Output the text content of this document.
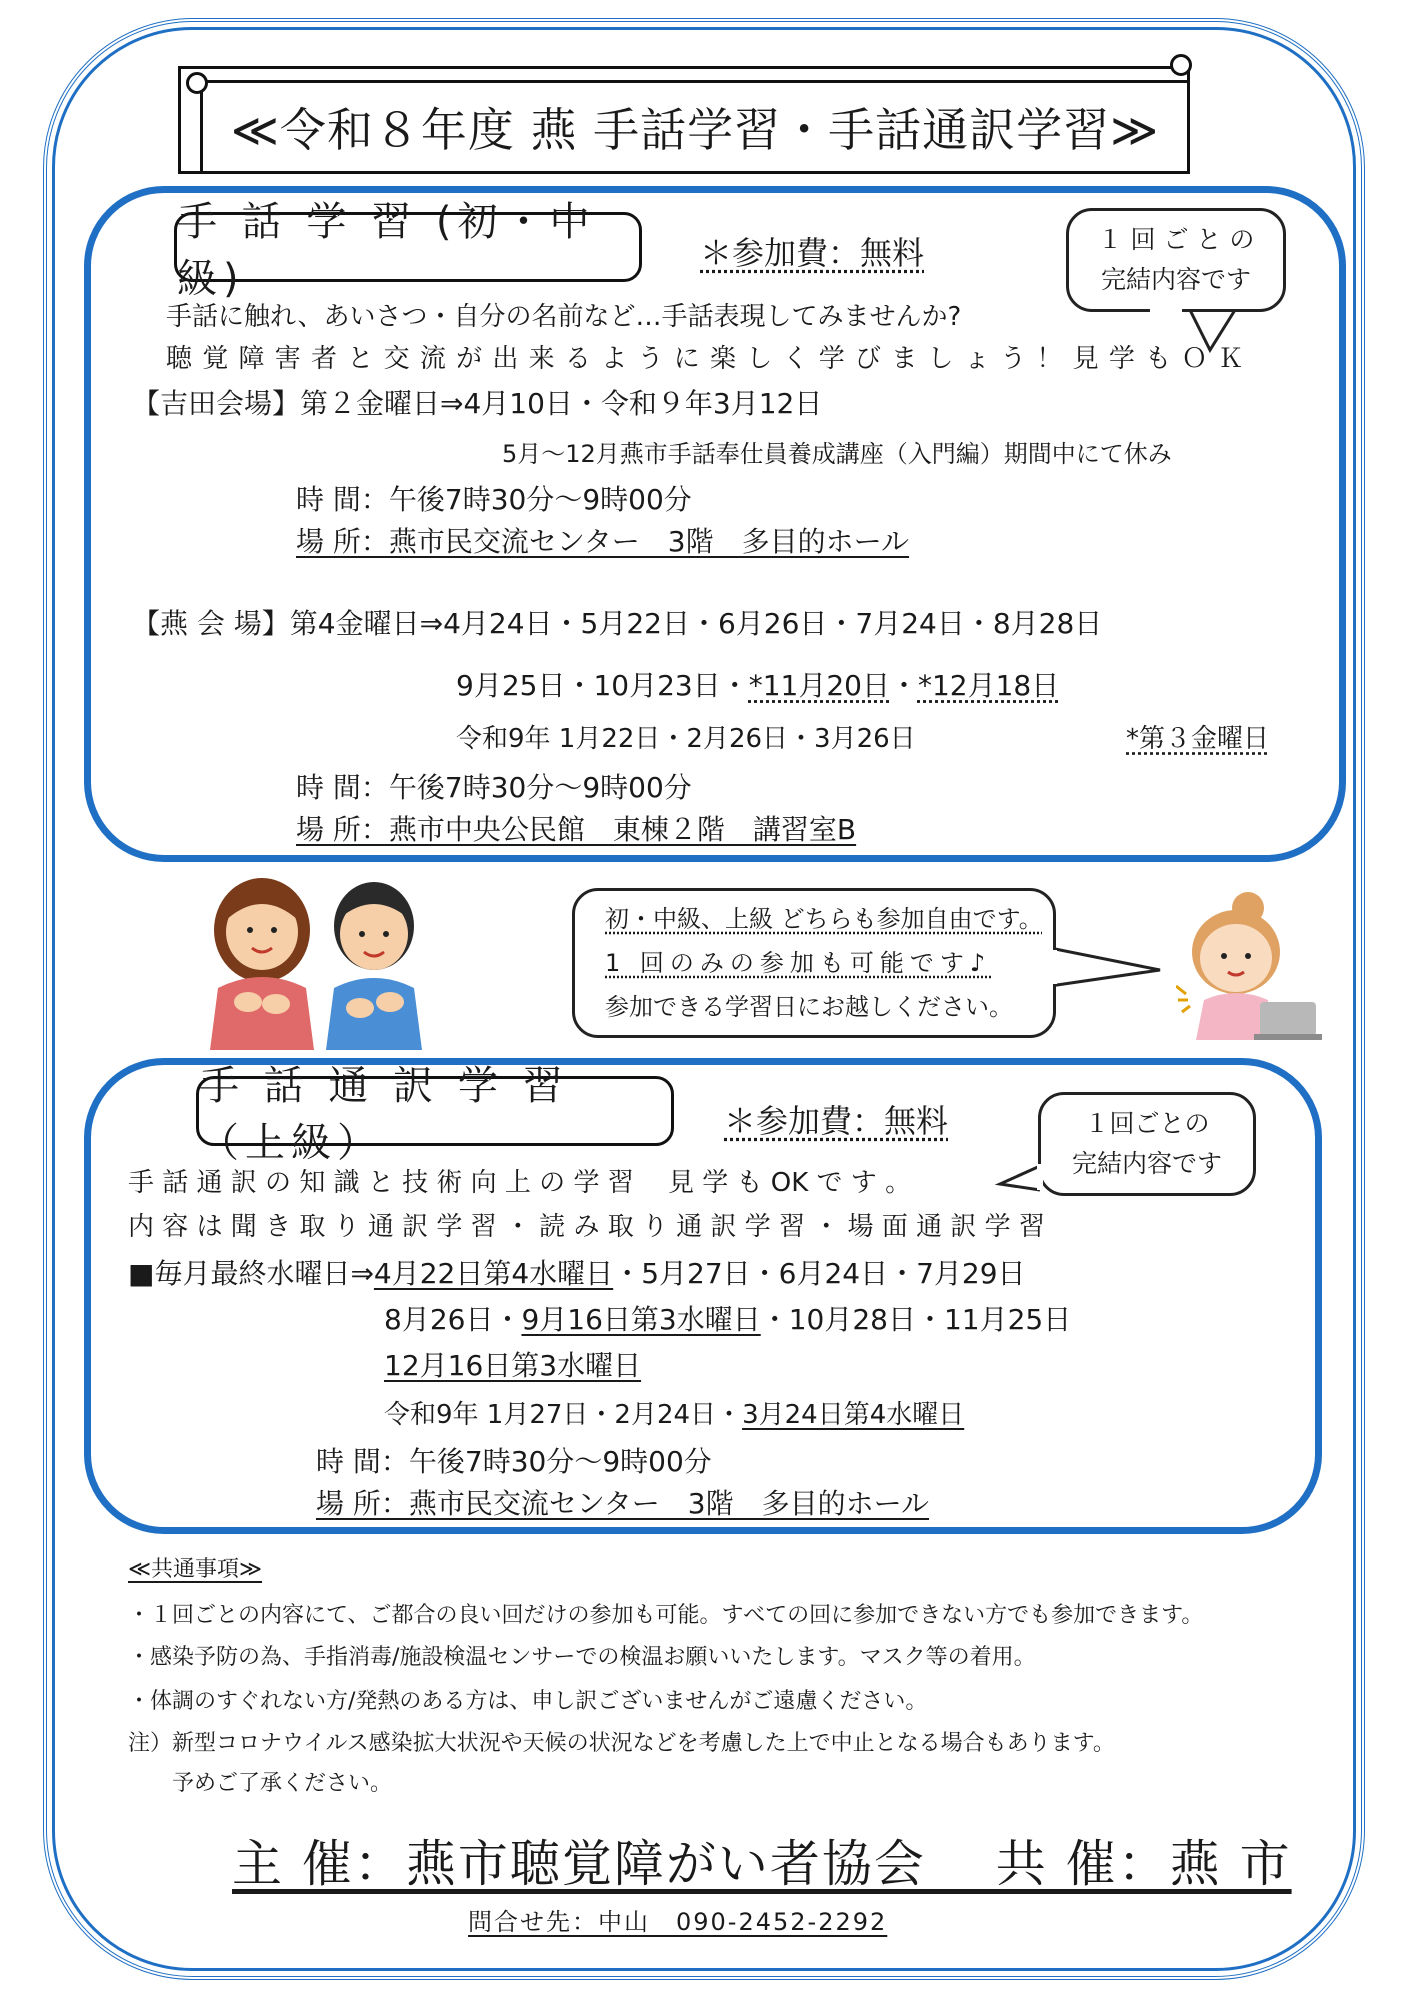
≪令和８年度 燕 手話学習・手話通訳学習≫
手 話 学 習 (初・中級)
＊参加費：無料	１ 回 ご と の
完結内容です
手話に触れ、あいさつ・自分の名前など…手話表現してみませんか?
聴 覚 障 害 者 と 交 流 が 出 来 る よ う に 楽 し く 学 び ま し ょ う ！ 見 学 も Ｏ Ｋ
【吉田会場】第２金曜日⇒4月10日・令和９年3月12日
5月～12月燕市手話奉仕員養成講座（入門編）期間中にて休み
時 間：午後7時30分～9時00分
場 所：燕市民交流センター　3階　多目的ホール
【燕 会 場】第4金曜日⇒4月24日・5月22日・6月26日・7月24日・8月28日
9月25日・10月23日・*11月20日・*12月18日
令和9年 1月22日・2月26日・3月26日	*第３金曜日
時 間：午後7時30分～9時00分
場 所：燕市中央公民館　東棟２階　講習室B
初・中級、上級 どちらも参加自由です。
1 回のみの参加も可能です♪
参加できる学習日にお越しください。
手 話 通 訳 学 習 （上級）	＊参加費：無料	１回ごとの
完結内容です
手 話 通 訳 の 知 識 と 技 術 向 上 の 学 習　 見 学 も OK で す 。
内 容 は 聞 き 取 り 通 訳 学 習 ・ 読 み 取 り 通 訳 学 習 ・ 場 面 通 訳 学 習
■毎月最終水曜日⇒4月22日第4水曜日・5月27日・6月24日・7月29日
8月26日・9月16日第3水曜日・10月28日・11月25日
12月16日第3水曜日
令和9年 1月27日・2月24日・3月24日第4水曜日
時 間：午後7時30分～9時00分
場 所：燕市民交流センター　3階　多目的ホール
≪共通事項≫
・１回ごとの内容にて、ご都合の良い回だけの参加も可能。すべての回に参加できない方でも参加できます。
・感染予防の為、手指消毒/施設検温センサーでの検温お願いいたします。マスク等の着用。
・体調のすぐれない方/発熱のある方は、申し訳ございませんがご遠慮ください。
注）新型コロナウイルス感染拡大状況や天候の状況などを考慮した上で中止となる場合もあります。
　　予めご了承ください。
主 催：燕市聴覚障がい者協会　 共 催：燕 市
問合せ先：中山　090-2452-2292
